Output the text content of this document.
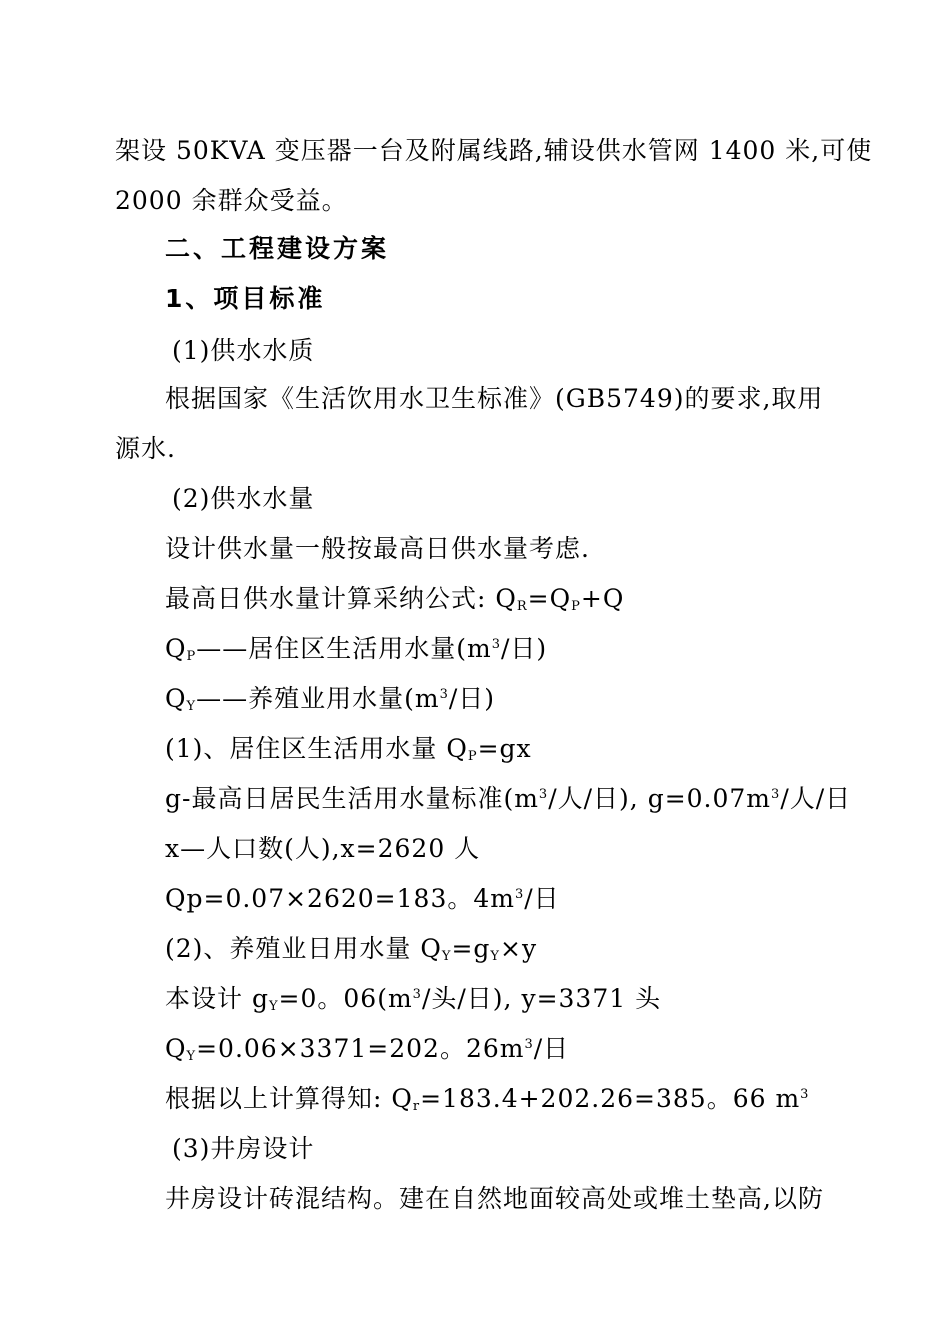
架设 50KVA 变压器一台及附属线路,辅设供水管网 1400 米,可使
2000 余群众受益。
二、工程建设方案
1、项目标准
(1)供水水质
根据国家《生活饮用水卫生标准》(GB5749)的要求,取用
源水.
(2)供水水量
设计供水量一般按最高日供水量考虑.
最高日供水量计算采纳公式: $Q_R=Q_P+Q$
$Q_P——$居住区生活用水量($m^3/$日)
$Q_Y——$养殖业用水量($m^3/$日)
(1)、居住区生活用水量 $Q_P=gx$
g-最高日居民生活用水量标准($m^3/$人/日), $g=0.07m^3/$人/日
x—人口数(人),x=2620 人
Qp=0.07×2620=183。$4m^3/$日
(2)、养殖业日用水量 $Q_Y=g_Y\times y$
本设计 $g_Y=0$。$06(m^3/$头/日), y=3371 头
$Q_Y=0.06\times 3371=202$。$26m^3/$日
根据以上计算得知: $Q_r=183.4+202.26=385$。66 $m^3$
(3)井房设计
井房设计砖混结构。建在自然地面较高处或堆土垫高,以防
